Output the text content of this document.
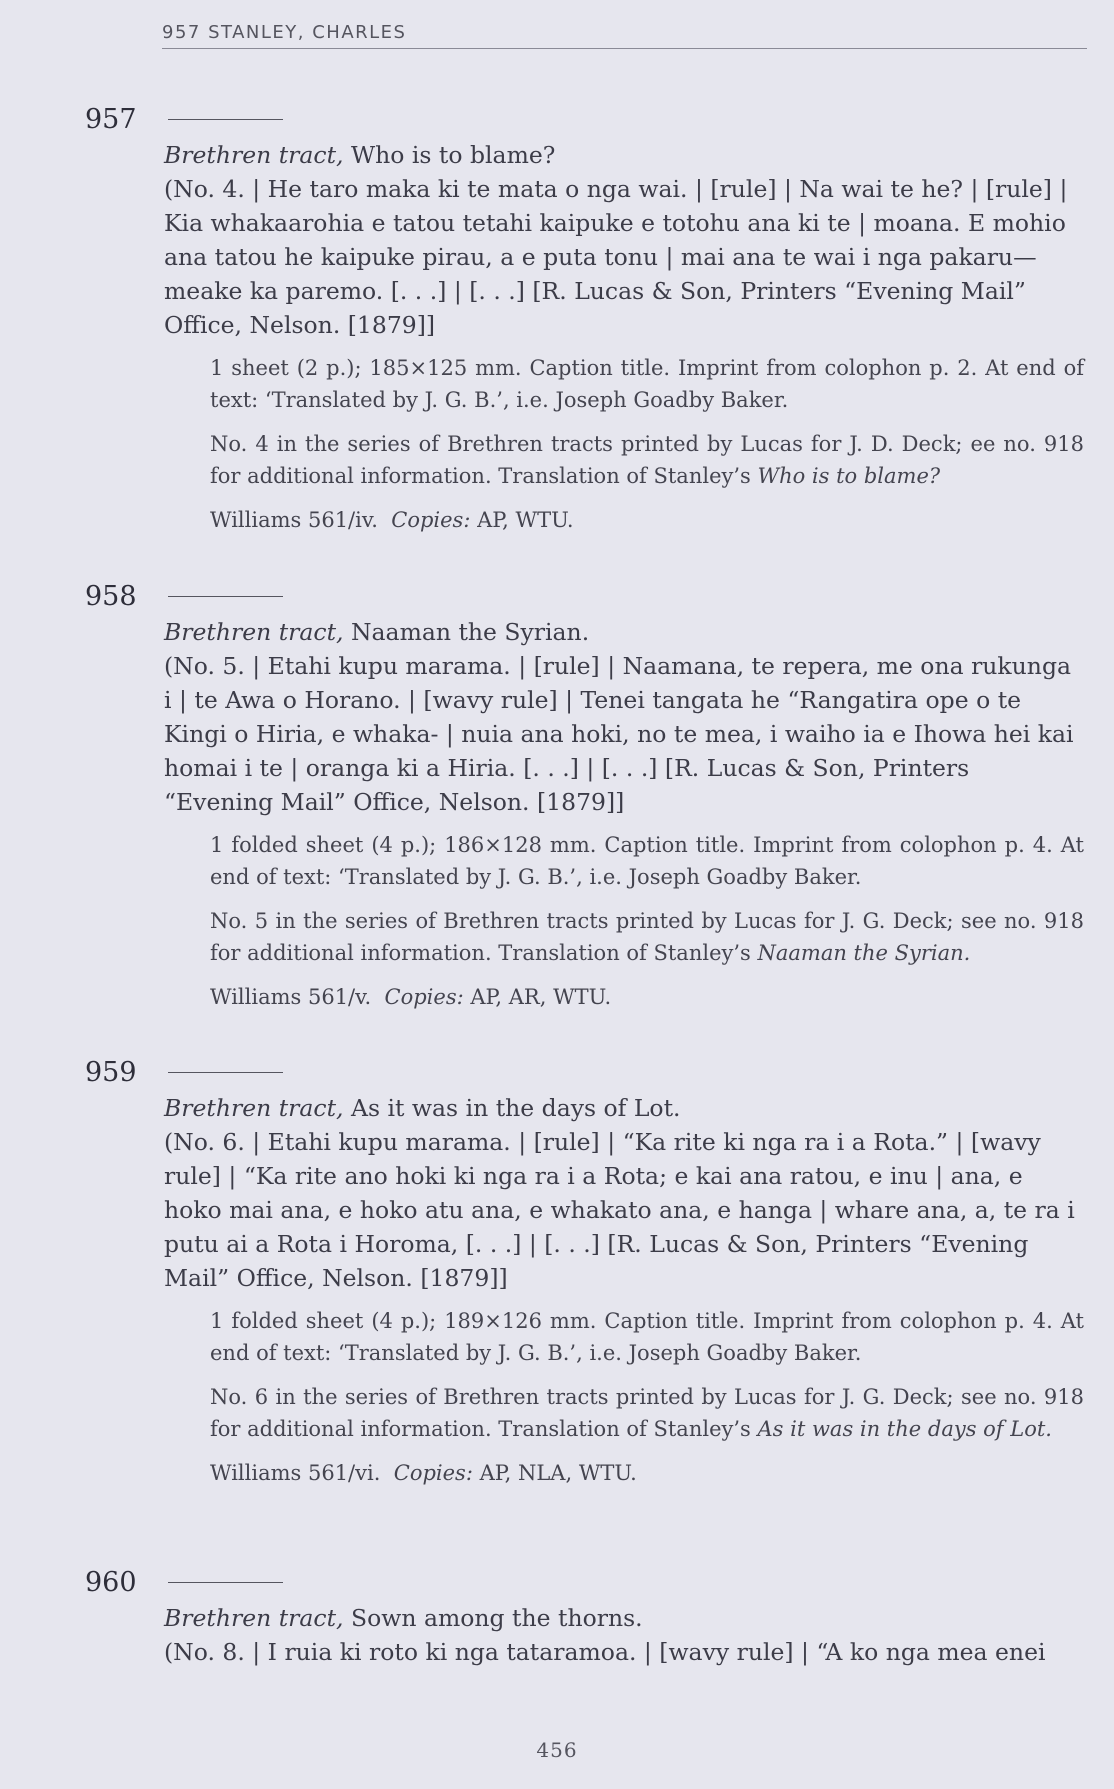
957 STANLEY, CHARLES
957

Brethren tract, Who is to blame?

(No. 4. | He taro maka ki te mata o nga wai. | [rule] | Na wai te he? | [rule] | Kia whakaarohia e tatou tetahi kaipuke e totohu ana ki te | moana. E mohio ana tatou he kaipuke pirau, a e puta tonu | mai ana te wai i nga pakaru—meake ka paremo. [. . .] | [. . .] [R. Lucas & Son, Printers “Evening Mail” Office, Nelson. [1879]]

1 sheet (2 p.); 185×125 mm. Caption title. Imprint from colophon p. 2. At end of text: ‘Translated by J. G. B.’, i.e. Joseph Goadby Baker.

No. 4 in the series of Brethren tracts printed by Lucas for J. D. Deck; ee no. 918 for additional information. Translation of Stanley’s Who is to blame?

Williams 561/iv. Copies: AP, WTU.

958

Brethren tract, Naaman the Syrian.

(No. 5. | Etahi kupu marama. | [rule] | Naamana, te repera, me ona rukunga i | te Awa o Horano. | [wavy rule] | Tenei tangata he “Rangatira ope o te Kingi o Hiria, e whaka- | nuia ana hoki, no te mea, i waiho ia e Ihowa hei kai homai i te | oranga ki a Hiria. [. . .] | [. . .] [R. Lucas & Son, Printers “Evening Mail” Office, Nelson. [1879]]

1 folded sheet (4 p.); 186×128 mm. Caption title. Imprint from colophon p. 4. At end of text: ‘Translated by J. G. B.’, i.e. Joseph Goadby Baker.

No. 5 in the series of Brethren tracts printed by Lucas for J. G. Deck; see no. 918 for additional information. Translation of Stanley’s Naaman the Syrian.

Williams 561/v. Copies: AP, AR, WTU.

959

Brethren tract, As it was in the days of Lot.

(No. 6. | Etahi kupu marama. | [rule] | “Ka rite ki nga ra i a Rota.” | [wavy rule] | “Ka rite ano hoki ki nga ra i a Rota; e kai ana ratou, e inu | ana, e hoko mai ana, e hoko atu ana, e whakato ana, e hanga | whare ana, a, te ra i putu ai a Rota i Horoma, [. . .] | [. . .] [R. Lucas & Son, Printers “Evening Mail” Office, Nelson. [1879]]

1 folded sheet (4 p.); 189×126 mm. Caption title. Imprint from colophon p. 4. At end of text: ‘Translated by J. G. B.’, i.e. Joseph Goadby Baker.

No. 6 in the series of Brethren tracts printed by Lucas for J. G. Deck; see no. 918 for additional information. Translation of Stanley’s As it was in the days of Lot.

Williams 561/vi. Copies: AP, NLA, WTU.

960

Brethren tract, Sown among the thorns.

(No. 8. | I ruia ki roto ki nga tataramoa. | [wavy rule] | “A ko nga mea enei

456
